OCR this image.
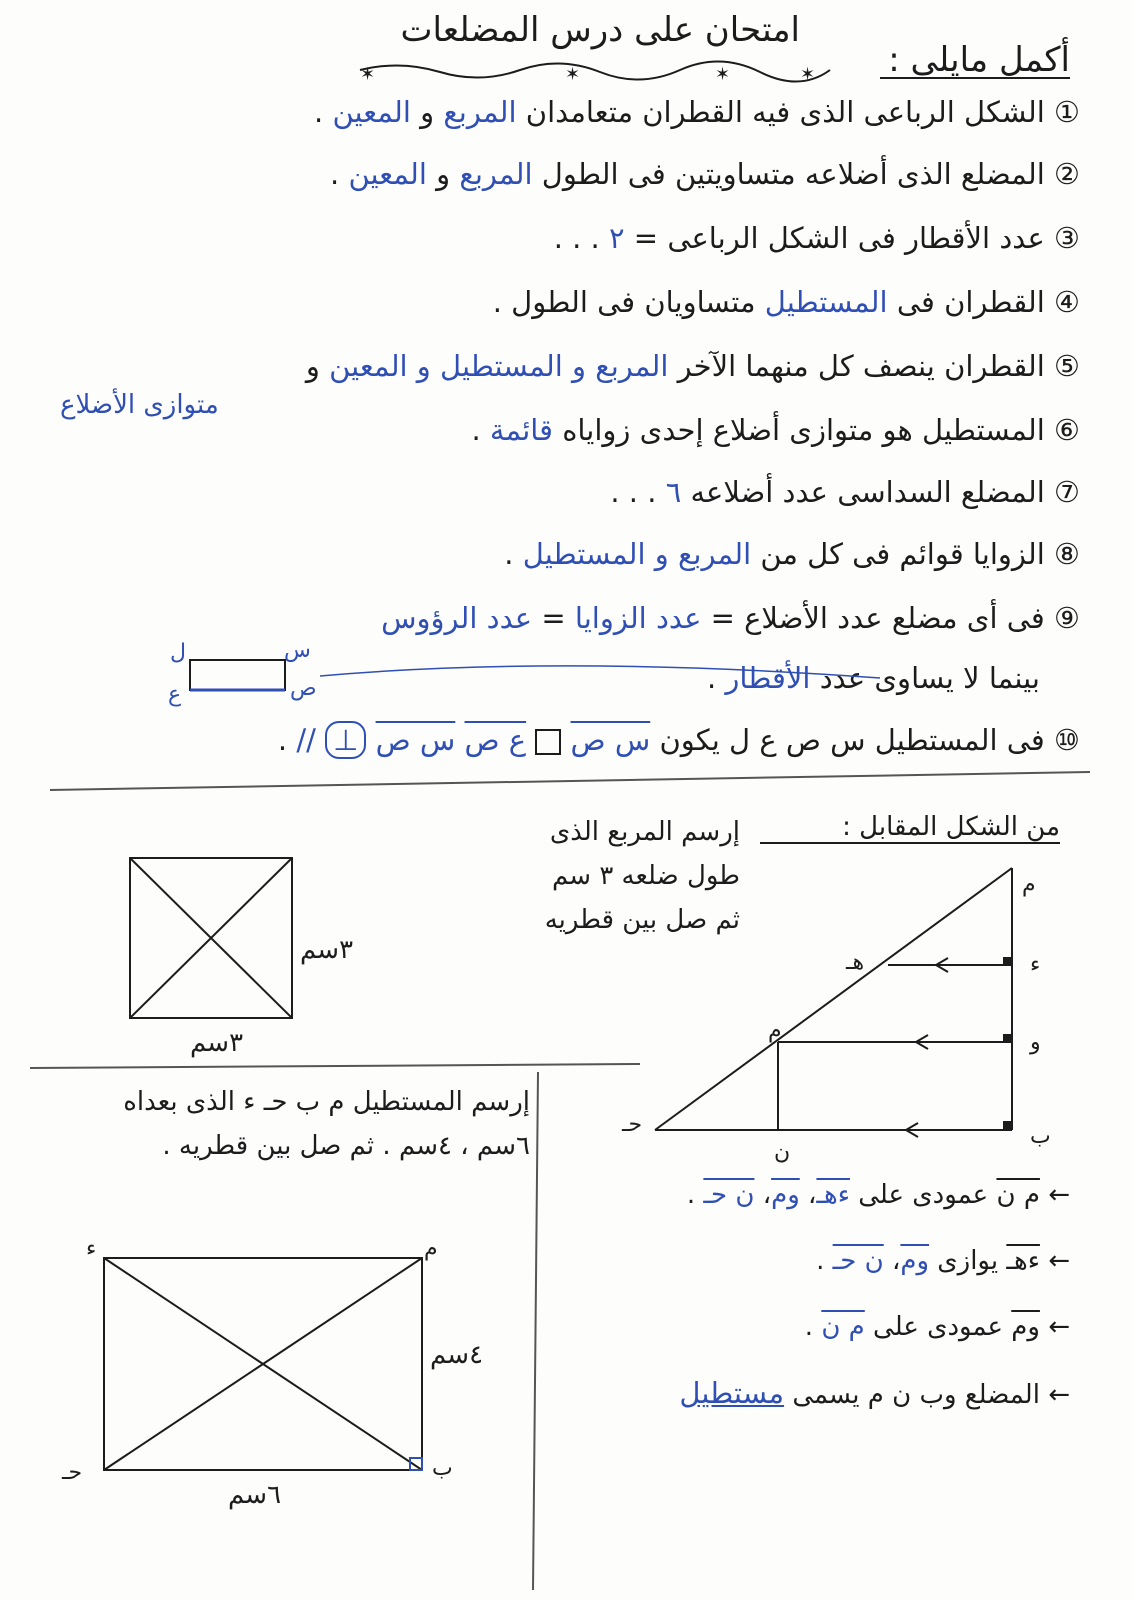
امتحان على درس المضلعات
أكمل مايلى :
① الشكل الرباعى الذى فيه القطران متعامدان المربع و المعين .
② المضلع الذى أضلاعه متساويتين فى الطول المربع و المعين .
③ عدد الأقطار فى الشكل الرباعى = ٢ . . .
④ القطران فى المستطيل متساويان فى الطول .
⑤ القطران ينصف كل منهما الآخر المربع و المستطيل و المعين و
متوازى الأضلاع
⑥ المستطيل هو متوازى أضلاع إحدى زواياه قائمة .
⑦ المضلع السداسى عدد أضلاعه ٦ . . .
⑧ الزوايا قوائم فى كل من المربع و المستطيل .
⑨ فى أى مضلع عدد الأضلاع = عدد الزوايا = عدد الرؤوس
بينما لا يساوى عدد الأقطار .
⑩ فى المستطيل س ص ع ل يكون س ص  ع ص س ص ⊥ // .
ل	س
ص
ع
إرسم المربع الذى
طول ضلعه ٣ سم
ثم صل بين قطريه
٣سم
٣سم
من الشكل المقابل :
م
ء
هـ
و
م
ب
ن
حـ
← م ن عمودى على ءهـ، وم، ن حـ .
← ءهـ يوازى وم، ن حـ .
← وم عمودى على م ن .
← المضلع وب ن م يسمى مستطيل
إرسم المستطيل م ب حـ ء الذى بعداه
٦سم ، ٤سم . ثم صل بين قطريه .
ء	م
حـ	ب
٤سم
٦سم
✶	✶	✶	✶
